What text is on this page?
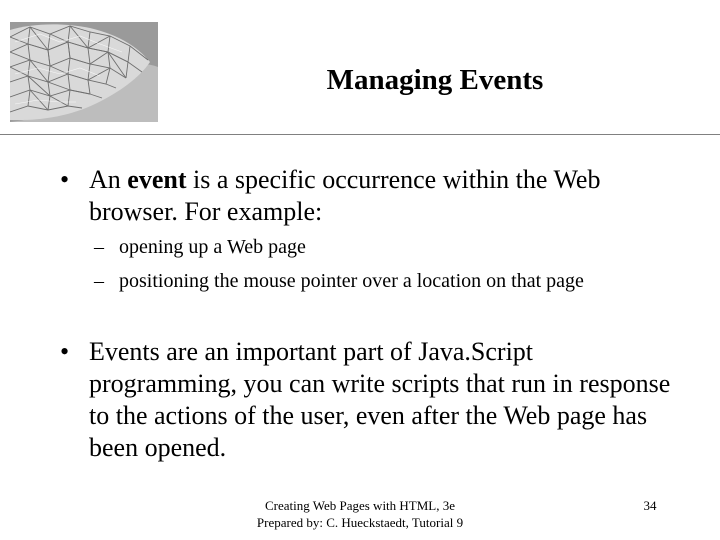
Managing Events
• An event is a specific occurrence within the Web browser. For example:
– opening up a Web page
– positioning the mouse pointer over a location on that page
• Events are an important part of Java.Script programming, you can write scripts that run in response to the actions of the user, even after the Web page has been opened.
Creating Web Pages with HTML, 3e
Prepared by: C. Hueckstaedt, Tutorial 9
34
